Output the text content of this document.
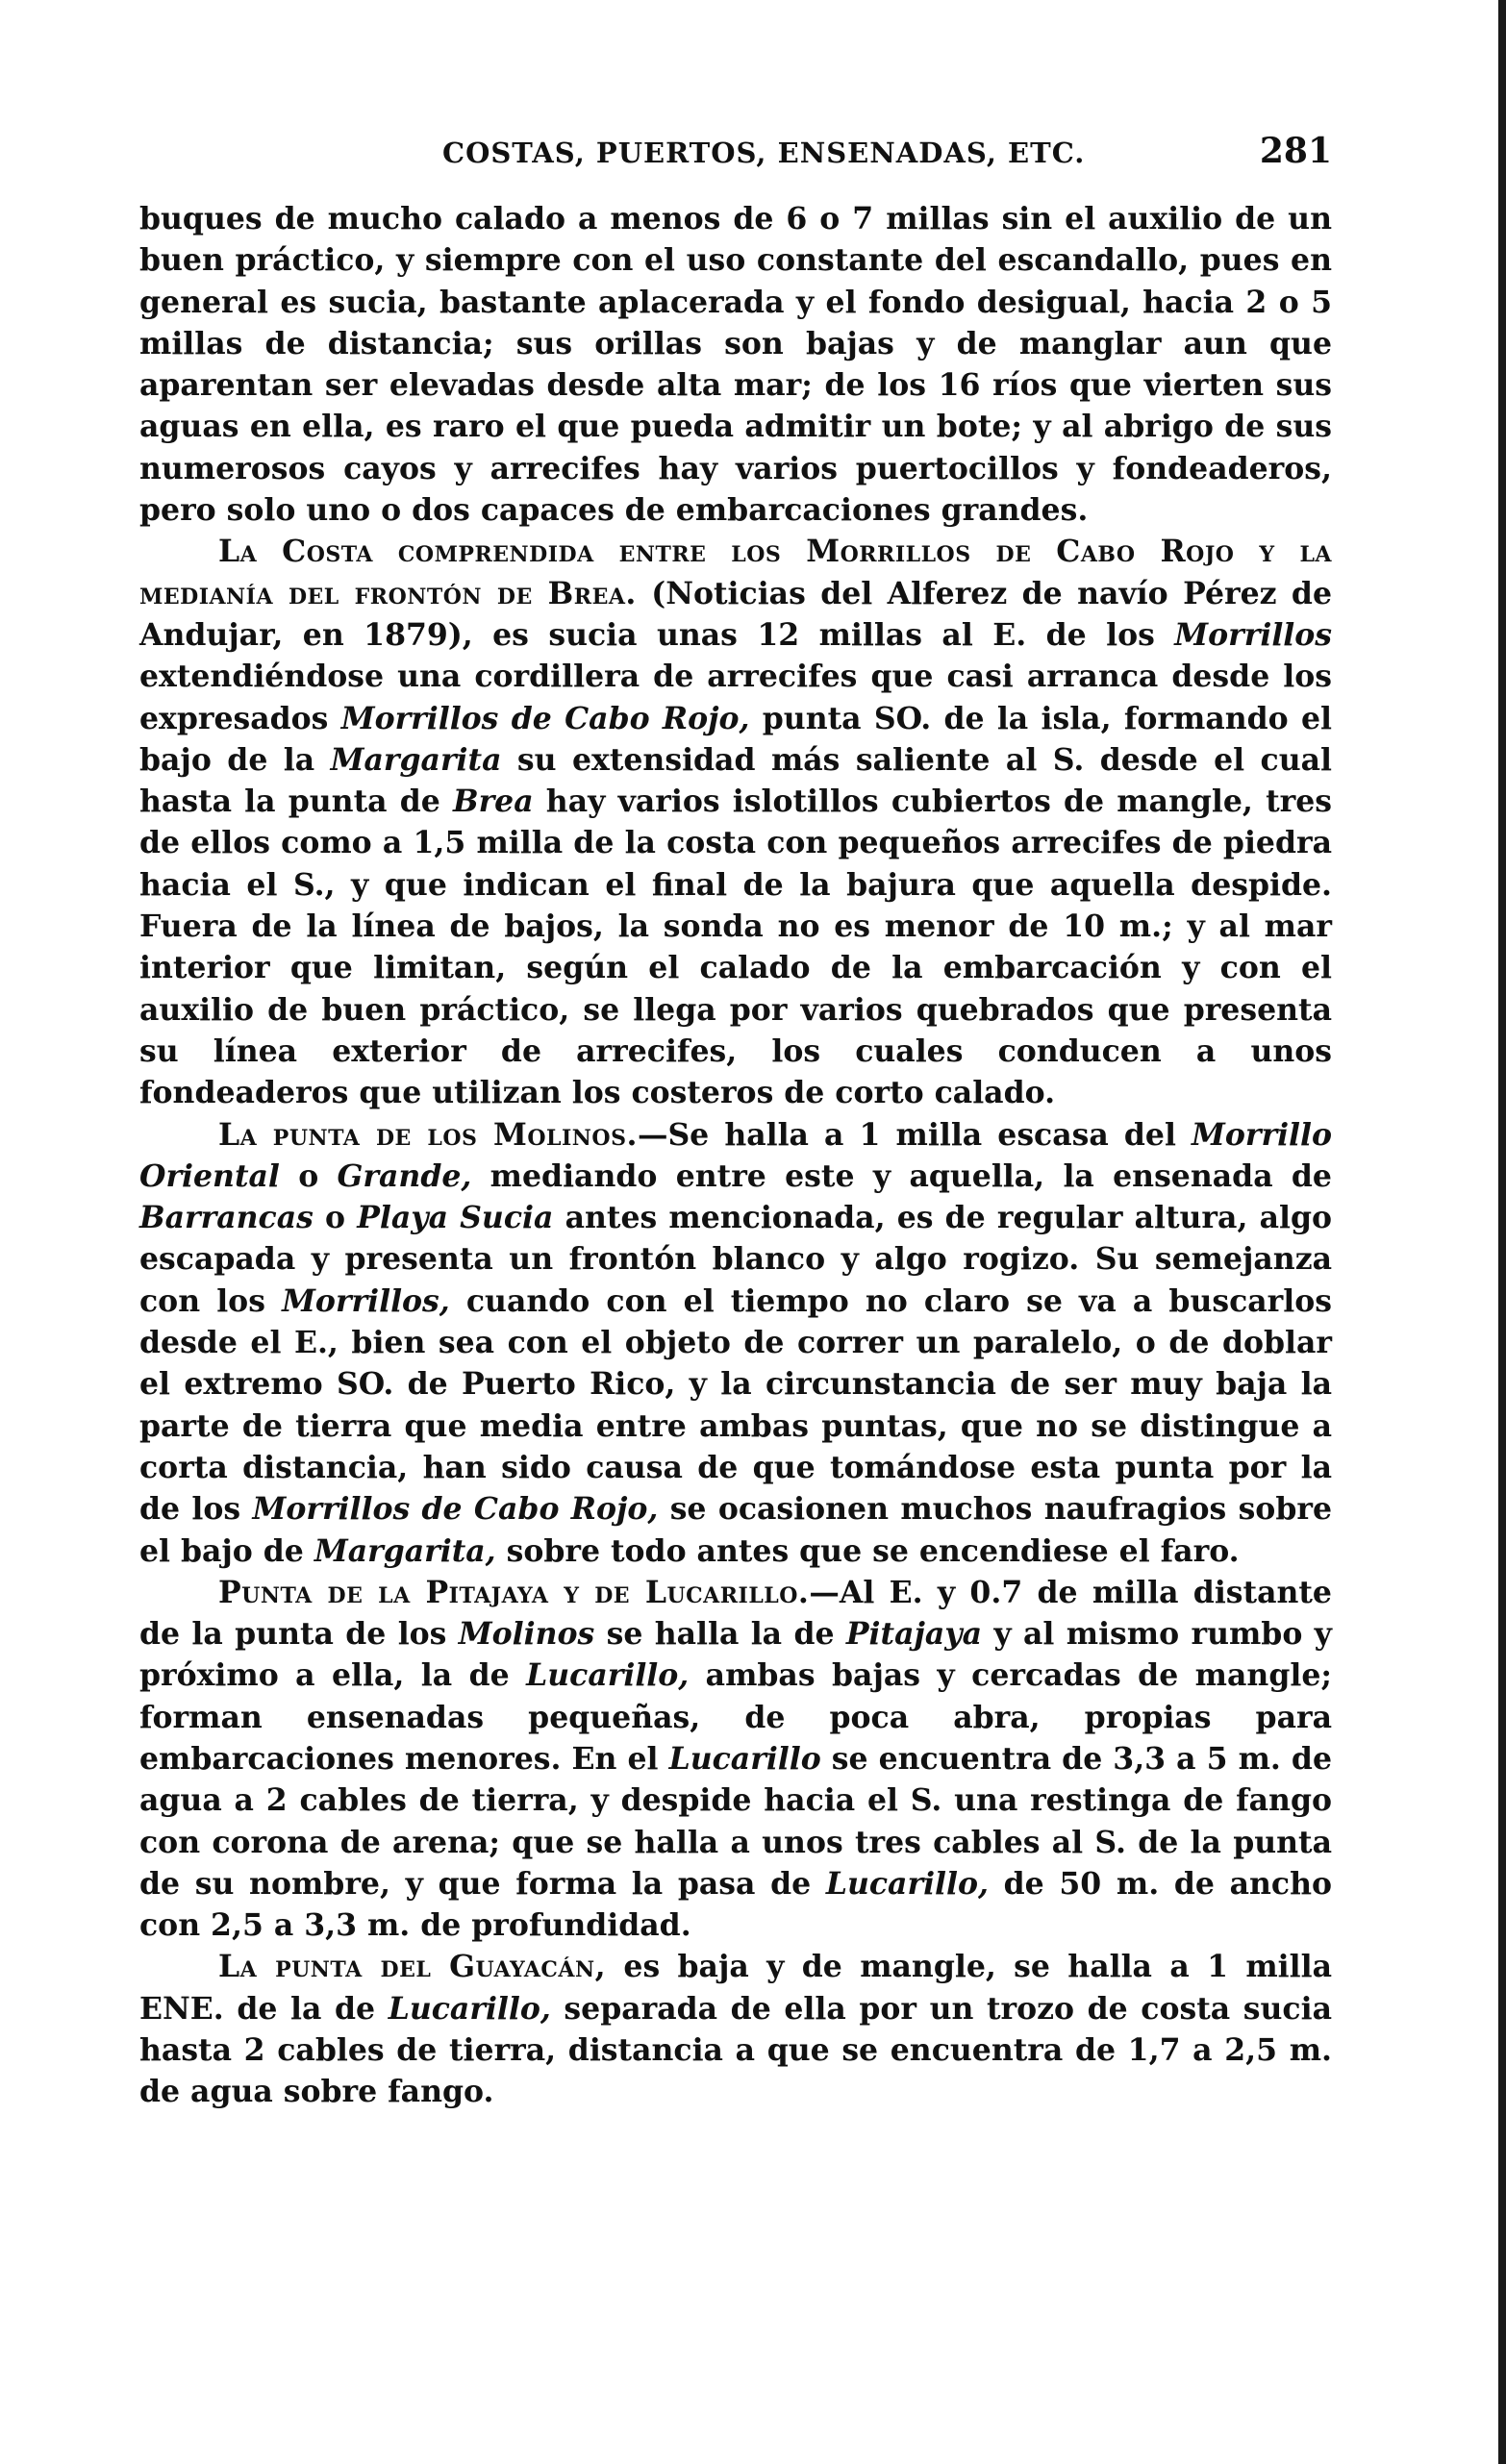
COSTAS, PUERTOS, ENSENADAS, ETC.	281

buques de mucho calado a menos de 6 o 7 millas sin el auxilio de un buen práctico, y siempre con el uso constante del escandallo, pues en general es sucia, bastante aplacerada y el fondo desigual, hacia 2 o 5 millas de distancia; sus orillas son bajas y de manglar aun que aparentan ser elevadas desde alta mar; de los 16 ríos que vierten sus aguas en ella, es raro el que pueda admitir un bote; y al abrigo de sus numerosos cayos y arrecifes hay varios puertocillos y fondeaderos, pero solo uno o dos capaces de embarcaciones grandes.

La Costa comprendida entre los Morrillos de Cabo Rojo y la medianía del frontón de Brea. (Noticias del Alferez de navío Pérez de Andujar, en 1879), es sucia unas 12 millas al E. de los Morrillos extendiéndose una cordillera de arrecifes que casi arranca desde los expresados Morrillos de Cabo Rojo, punta SO. de la isla, formando el bajo de la Margarita su extensidad más saliente al S. desde el cual hasta la punta de Brea hay varios islotillos cubiertos de mangle, tres de ellos como a 1,5 milla de la costa con pequeños arrecifes de piedra hacia el S., y que indican el final de la bajura que aquella despide. Fuera de la línea de bajos, la sonda no es menor de 10 m.; y al mar interior que limitan, según el calado de la embarcación y con el auxilio de buen práctico, se llega por varios quebrados que presenta su línea exterior de arrecifes, los cuales conducen a unos fondeaderos que utilizan los costeros de corto calado.

La punta de los Molinos.—Se halla a 1 milla escasa del Morrillo Oriental o Grande, mediando entre este y aquella, la ensenada de Barrancas o Playa Sucia antes mencionada, es de regular altura, algo escapada y presenta un frontón blanco y algo rogizo. Su semejanza con los Morrillos, cuando con el tiempo no claro se va a buscarlos desde el E., bien sea con el objeto de correr un paralelo, o de doblar el extremo SO. de Puerto Rico, y la circunstancia de ser muy baja la parte de tierra que media entre ambas puntas, que no se distingue a corta distancia, han sido causa de que tomándose esta punta por la de los Morrillos de Cabo Rojo, se ocasionen muchos naufragios sobre el bajo de Margarita, sobre todo antes que se encendiese el faro.

Punta de la Pitajaya y de Lucarillo.—Al E. y 0.7 de milla distante de la punta de los Molinos se halla la de Pitajaya y al mismo rumbo y próximo a ella, la de Lucarillo, ambas bajas y cercadas de mangle; forman ensenadas pequeñas, de poca abra, propias para embarcaciones menores. En el Lucarillo se encuentra de 3,3 a 5 m. de agua a 2 cables de tierra, y despide hacia el S. una restinga de fango con corona de arena; que se halla a unos tres cables al S. de la punta de su nombre, y que forma la pasa de Lucarillo, de 50 m. de ancho con 2,5 a 3,3 m. de profundidad.

La punta del Guayacán, es baja y de mangle, se halla a 1 milla ENE. de la de Lucarillo, separada de ella por un trozo de costa sucia hasta 2 cables de tierra, distancia a que se encuentra de 1,7 a 2,5 m. de agua sobre fango.
